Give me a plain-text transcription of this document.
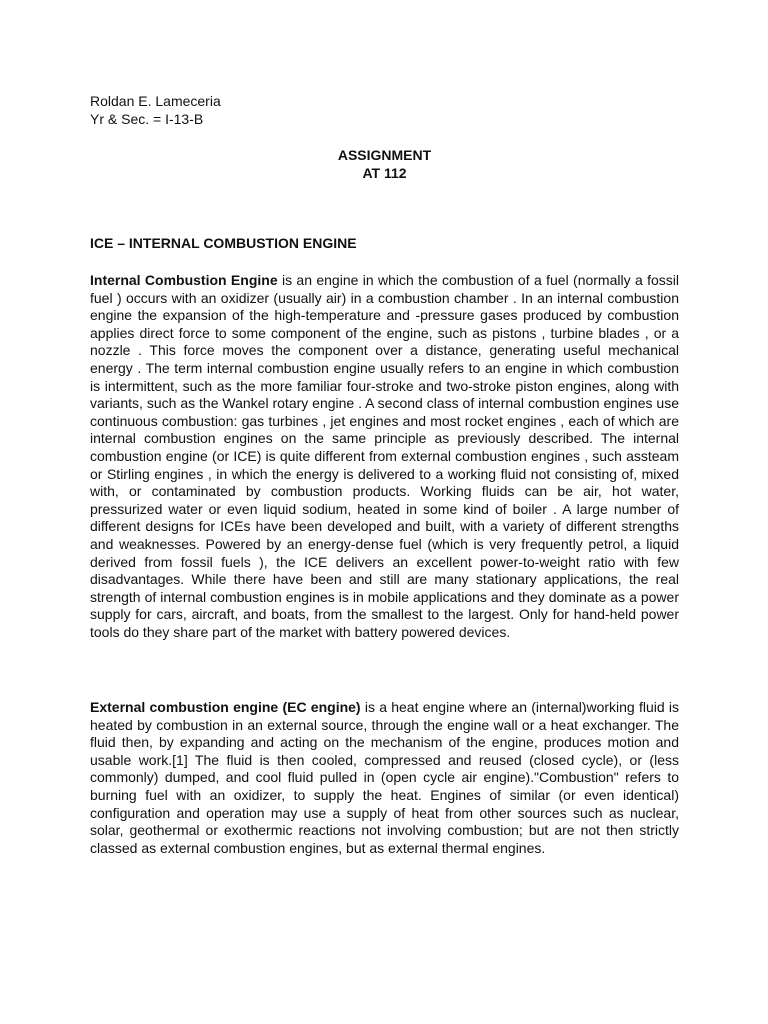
Roldan E. Lameceria
Yr & Sec. = I-13-B
ASSIGNMENT
AT 112
ICE – INTERNAL COMBUSTION ENGINE

Internal Combustion Engine is an engine in which the combustion of a fuel (normally a fossil fuel ) occurs with an oxidizer (usually air) in a combustion chamber . In an internal combustion engine the expansion of the high-temperature and -pressure gases produced by combustion applies direct force to some component of the engine, such as pistons , turbine blades , or a nozzle . This force moves the component over a distance, generating useful mechanical energy . The term internal combustion engine usually refers to an engine in which combustion is intermittent, such as the more familiar four-stroke and two-stroke piston engines, along with variants, such as the Wankel rotary engine . A second class of internal combustion engines use continuous combustion: gas turbines , jet engines and most rocket engines , each of which are internal combustion engines on the same principle as previously described. The internal combustion engine (or ICE) is quite different from external combustion engines , such assteam or Stirling engines , in which the energy is delivered to a working fluid not consisting of, mixed with, or contaminated by combustion products. Working fluids can be air, hot water, pressurized water or even liquid sodium, heated in some kind of boiler . A large number of different designs for ICEs have been developed and built, with a variety of different strengths and weaknesses. Powered by an energy-dense fuel (which is very frequently petrol, a liquid derived from fossil fuels ), the ICE delivers an excellent power-to-weight ratio with few disadvantages. While there have been and still are many stationary applications, the real strength of internal combustion engines is in mobile applications and they dominate as a power supply for cars, aircraft, and boats, from the smallest to the largest. Only for hand-held power tools do they share part of the market with battery powered devices.

External combustion engine (EC engine) is a heat engine where an (internal)working fluid is heated by combustion in an external source, through the engine wall or a heat exchanger. The fluid then, by expanding and acting on the mechanism of the engine, produces motion and usable work.[1] The fluid is then cooled, compressed and reused (closed cycle), or (less commonly) dumped, and cool fluid pulled in (open cycle air engine)."Combustion" refers to burning fuel with an oxidizer, to supply the heat. Engines of similar (or even identical) configuration and operation may use a supply of heat from other sources such as nuclear, solar, geothermal or exothermic reactions not involving combustion; but are not then strictly classed as external combustion engines, but as external thermal engines.
